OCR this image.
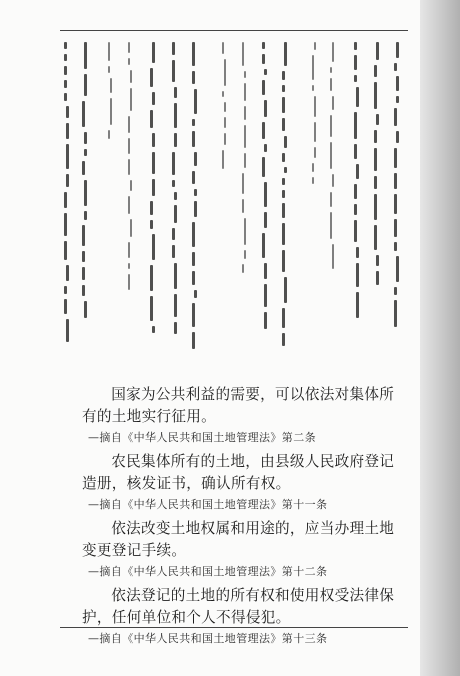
国家为公共利益的需要，可以依法对集体所有的土地实行征用。

—摘自《中华人民共和国土地管理法》第二条

农民集体所有的土地，由县级人民政府登记造册，核发证书，确认所有权。

—摘自《中华人民共和国土地管理法》第十一条

依法改变土地权属和用途的，应当办理土地变更登记手续。

—摘自《中华人民共和国土地管理法》第十二条

依法登记的土地的所有权和使用权受法律保护，任何单位和个人不得侵犯。

—摘自《中华人民共和国土地管理法》第十三条
